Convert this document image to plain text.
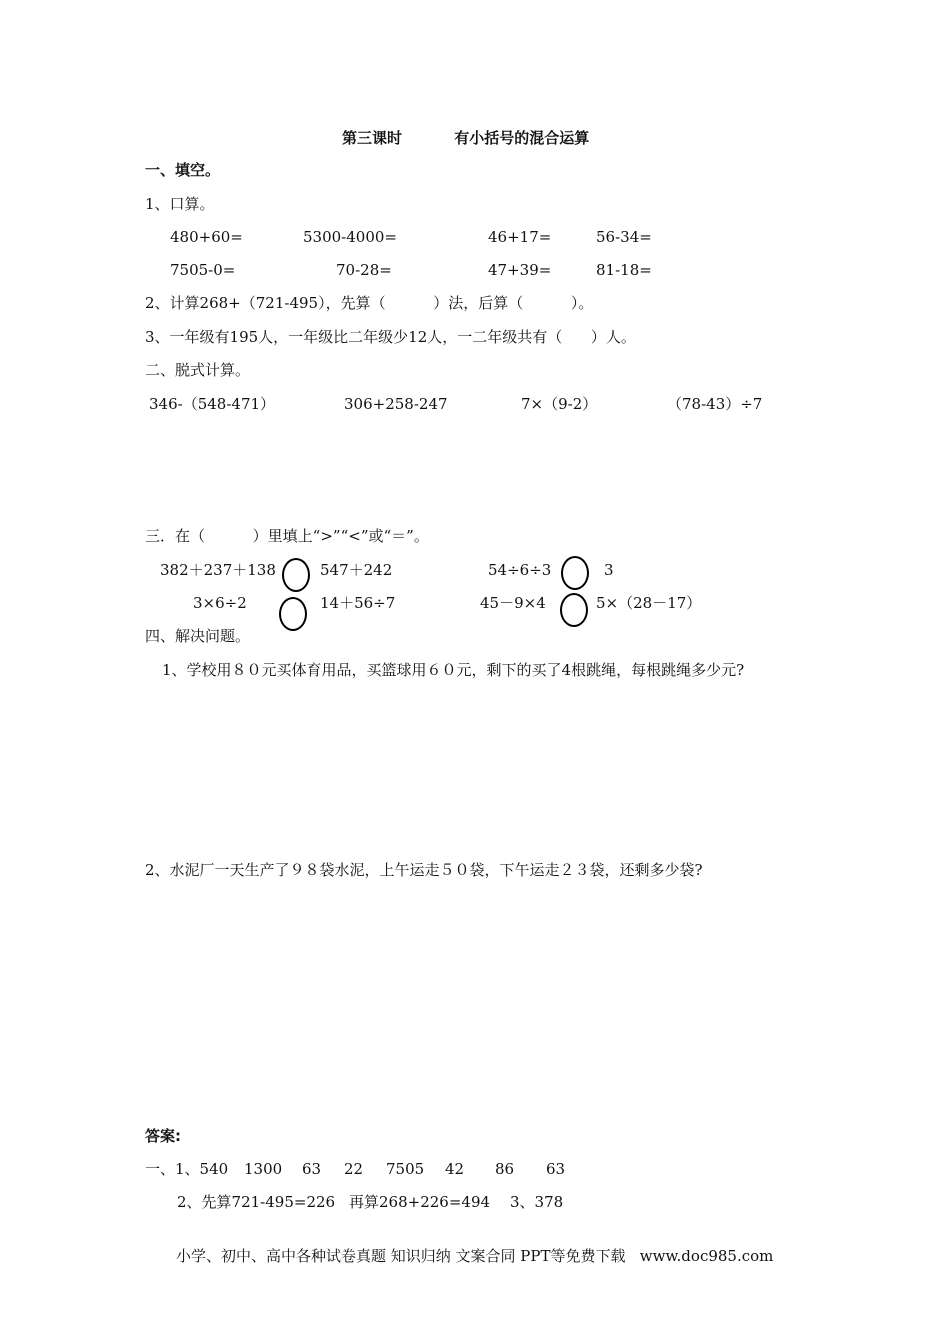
第三课时          有小括号的混合运算
一、填空。
1、口算。
480+60=	5300-4000=	46+17=	56-34=
7505-0=	70-28=	47+39=	81-18=
2、计算268+（721-495），先算（          ）法，后算（          ）。
3、一年级有195人，一年级比二年级少12人，一二年级共有（      ）人。
二、脱式计算。
346-（548-471）	306+258-247	7×（9-2）	（78-43）÷7
三．在（          ）里填上“>”“<”或“＝”。
382＋237＋138	547＋242	54÷6÷3	3
3×6÷2	14＋56÷7	45－9×4	5×（28－17）
四、解决问题。
1、学校用８０元买体育用品，买篮球用６０元，剩下的买了4根跳绳，每根跳绳多少元?
2、水泥厂一天生产了９８袋水泥，上午运走５０袋，下午运走２３袋，还剩多少袋?
答案:
一、1、540 1300 63 22 7505 42 86 63
2、先算721-495=226 再算268+226=494 3、378
小学、初中、高中各种试卷真题 知识归纳 文案合同 PPT等免费下载   www.doc985.com
